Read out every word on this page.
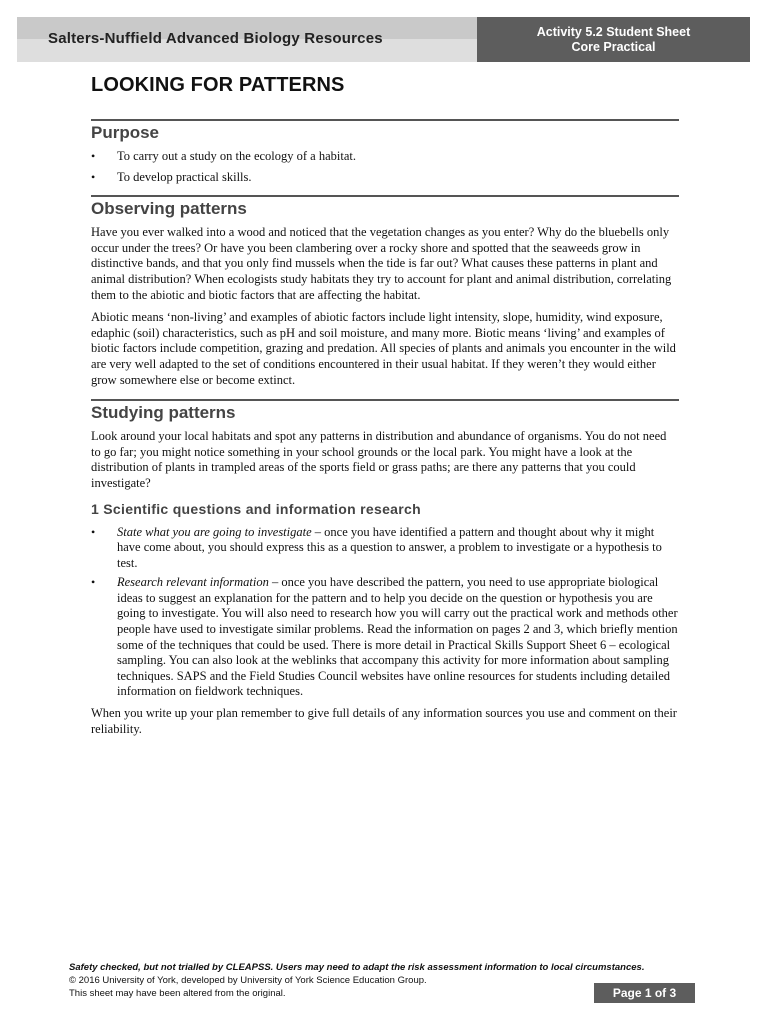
Salters-Nuffield Advanced Biology Resources	Activity 5.2 Student Sheet
Core Practical
LOOKING FOR PATTERNS
Purpose
• To carry out a study on the ecology of a habitat.
• To develop practical skills.
Observing patterns

Have you ever walked into a wood and noticed that the vegetation changes as you enter? Why do the bluebells only occur under the trees? Or have you been clambering over a rocky shore and spotted that the seaweeds grow in distinctive bands, and that you only find mussels when the tide is far out? What causes these patterns in plant and animal distribution? When ecologists study habitats they try to account for plant and animal distribution, correlating them to the abiotic and biotic factors that are affecting the habitat.

Abiotic means ‘non-living’ and examples of abiotic factors include light intensity, slope, humidity, wind exposure, edaphic (soil) characteristics, such as pH and soil moisture, and many more. Biotic means ‘living’ and examples of biotic factors include competition, grazing and predation. All species of plants and animals you encounter in the wild are very well adapted to the set of conditions encountered in their usual habitat. If they weren’t they would either grow somewhere else or become extinct.

Studying patterns

Look around your local habitats and spot any patterns in distribution and abundance of organisms. You do not need to go far; you might notice something in your school grounds or the local park. You might have a look at the distribution of plants in trampled areas of the sports field or grass paths; are there any patterns that you could investigate?

1 Scientific questions and information research
• State what you are going to investigate – once you have identified a pattern and thought about why it might have come about, you should express this as a question to answer, a problem to investigate or a hypothesis to test.
• Research relevant information – once you have described the pattern, you need to use appropriate biological ideas to suggest an explanation for the pattern and to help you decide on the question or hypothesis you are going to investigate. You will also need to research how you will carry out the practical work and methods other people have used to investigate similar problems. Read the information on pages 2 and 3, which briefly mention some of the techniques that could be used. There is more detail in Practical Skills Support Sheet 6 – ecological sampling. You can also look at the weblinks that accompany this activity for more information about sampling techniques. SAPS and the Field Studies Council websites have online resources for students including detailed information on fieldwork techniques.

When you write up your plan remember to give full details of any information sources you use and comment on their reliability.

Safety checked, but not trialled by CLEAPSS. Users may need to adapt the risk assessment information to local circumstances.
© 2016 University of York, developed by University of York Science Education Group.
This sheet may have been altered from the original.	Page 1 of 3
